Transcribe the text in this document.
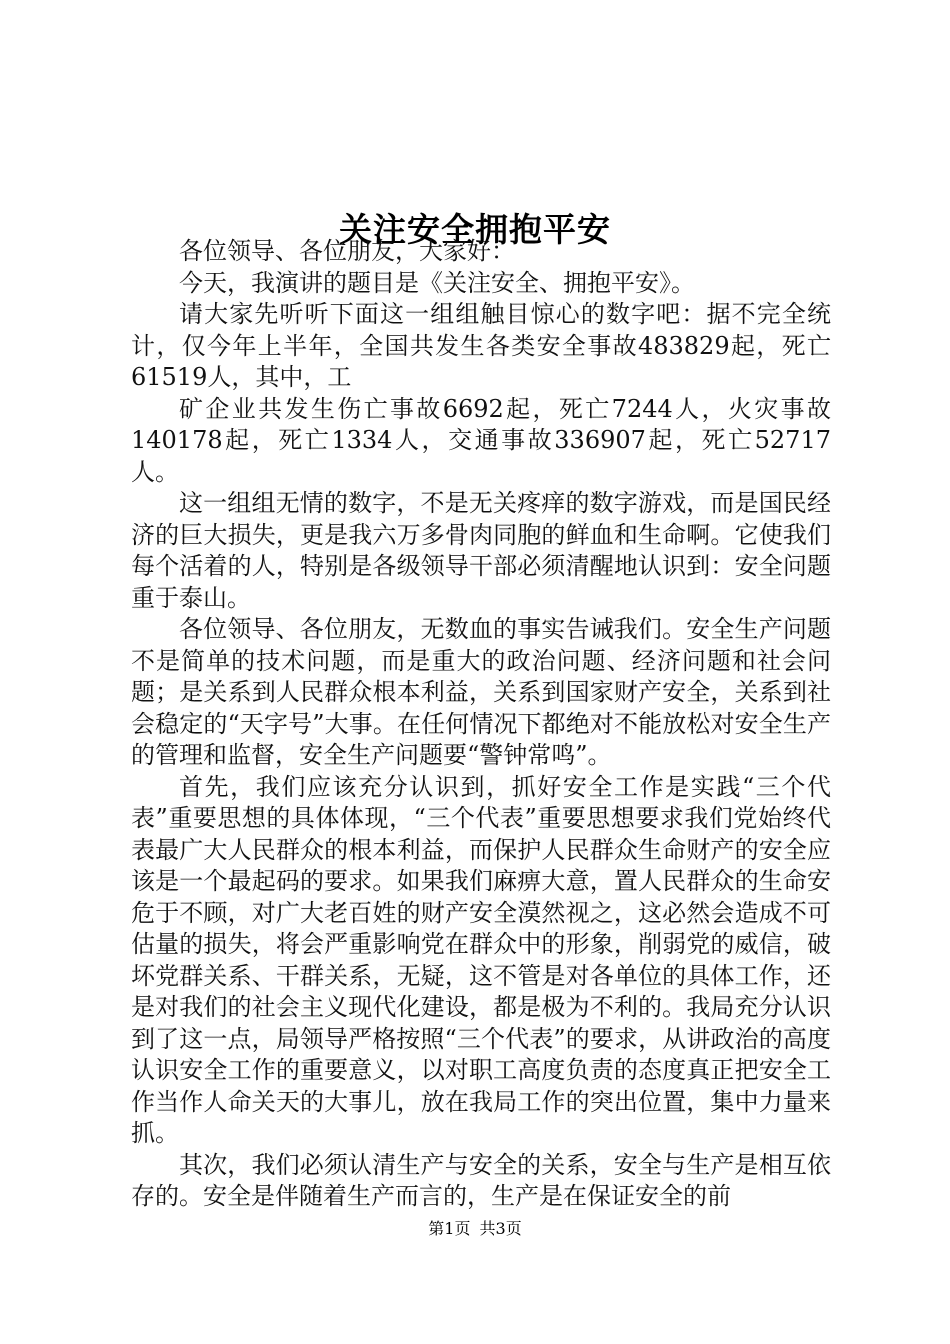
关注安全拥抱平安

各位领导、各位朋友，大家好：

今天，我演讲的题目是《关注安全、拥抱平安》。

请大家先听听下面这一组组触目惊心的数字吧：据不完全统计，仅今年上半年，全国共发生各类安全事故483829起，死亡61519人，其中，工

矿企业共发生伤亡事故6692起，死亡7244人，火灾事故140178起，死亡1334人，交通事故336907起，死亡52717人。

这一组组无情的数字，不是无关疼痒的数字游戏，而是国民经济的巨大损失，更是我六万多骨肉同胞的鲜血和生命啊。它使我们每个活着的人，特别是各级领导干部必须清醒地认识到：安全问题重于泰山。

各位领导、各位朋友，无数血的事实告诫我们。安全生产问题不是简单的技术问题，而是重大的政治问题、经济问题和社会问题；是关系到人民群众根本利益，关系到国家财产安全，关系到社会稳定的“天字号”大事。在任何情况下都绝对不能放松对安全生产的管理和监督，安全生产问题要“警钟常鸣”。

首先，我们应该充分认识到，抓好安全工作是实践“三个代表”重要思想的具体体现，“三个代表”重要思想要求我们党始终代表最广大人民群众的根本利益，而保护人民群众生命财产的安全应该是一个最起码的要求。如果我们麻痹大意，置人民群众的生命安危于不顾，对广大老百姓的财产安全漠然视之，这必然会造成不可估量的损失，将会严重影响党在群众中的形象，削弱党的威信，破坏党群关系、干群关系，无疑，这不管是对各单位的具体工作，还是对我们的社会主义现代化建设，都是极为不利的。我局充分认识到了这一点，局领导严格按照“三个代表”的要求，从讲政治的高度认识安全工作的重要意义，以对职工高度负责的态度真正把安全工作当作人命关天的大事儿，放在我局工作的突出位置，集中力量来抓。

其次，我们必须认清生产与安全的关系，安全与生产是相互依存的。安全是伴随着生产而言的，生产是在保证安全的前

第1页 共3页
